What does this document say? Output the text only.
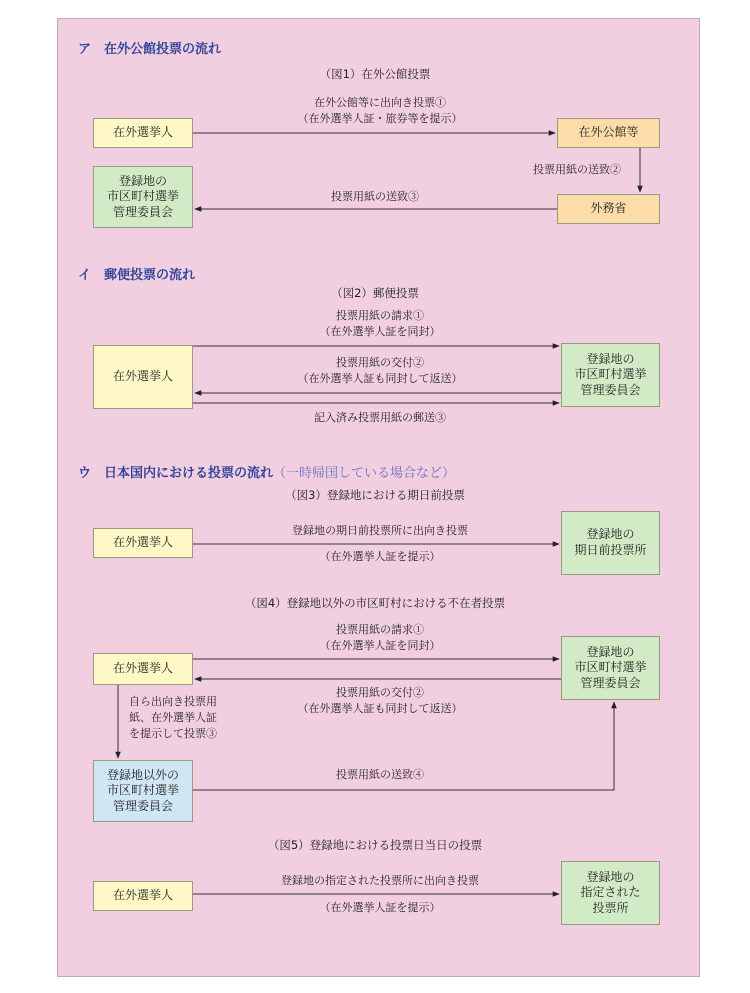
ア　在外公館投票の流れ
（図1）在外公館投票
在外公館等に出向き投票①
（在外選挙人証・旅券等を提示）
在外選挙人	在外公館等
投票用紙の送致②
投票用紙の送致③
登録地の
市区町村選挙
管理委員会	外務省
イ　郵便投票の流れ
（図2）郵便投票
投票用紙の請求①
（在外選挙人証を同封）
在外選挙人
登録地の
市区町村選挙
管理委員会
投票用紙の交付②
（在外選挙人証も同封して返送）
記入済み投票用紙の郵送③
ウ　日本国内における投票の流れ（一時帰国している場合など）
（図3）登録地における期日前投票
登録地の期日前投票所に出向き投票
在外選挙人
登録地の
期日前投票所
（在外選挙人証を提示）
（図4）登録地以外の市区町村における不在者投票
投票用紙の請求①
（在外選挙人証を同封）
在外選挙人
登録地の
市区町村選挙
管理委員会
投票用紙の交付②
（在外選挙人証も同封して返送）
自ら出向き投票用
紙、在外選挙人証
を提示して投票③
登録地以外の
市区町村選挙
管理委員会
投票用紙の送致④
（図5）登録地における投票日当日の投票
登録地の指定された投票所に出向き投票
在外選挙人
登録地の
指定された
投票所
（在外選挙人証を提示）
